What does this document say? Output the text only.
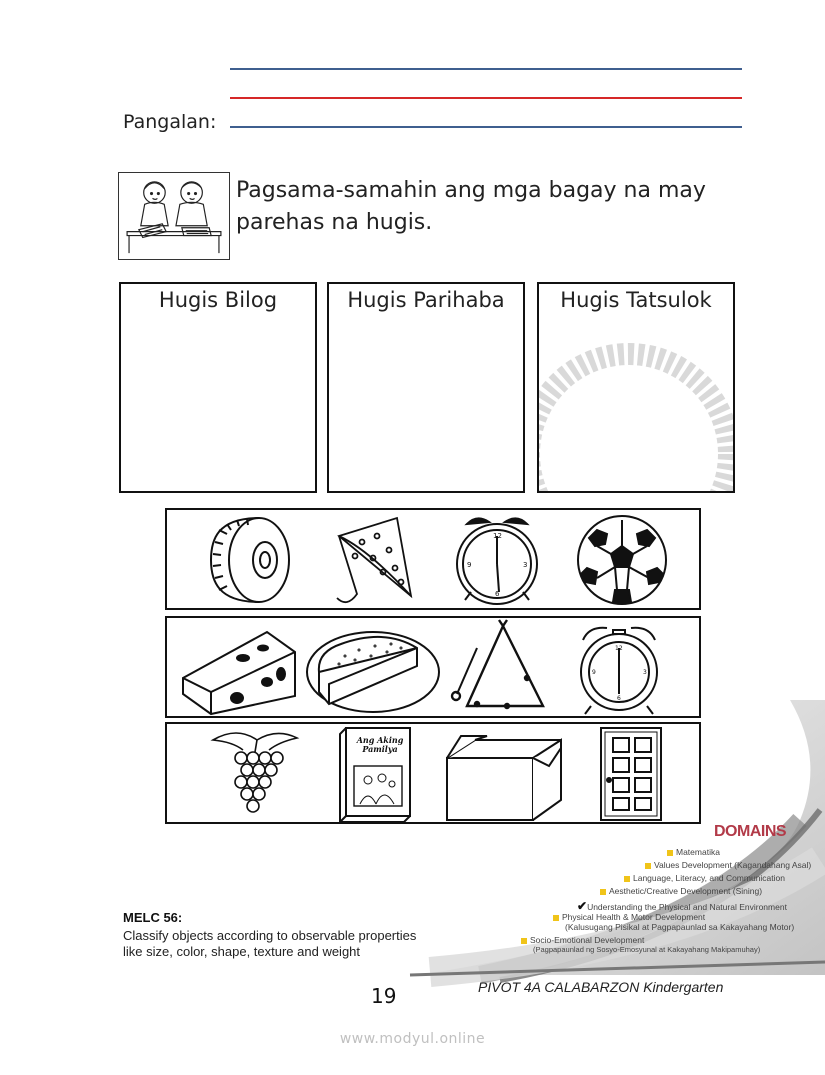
Pangalan:
Pagsama-samahin ang mga bagay na may
parehas na hugis.
Hugis Bilog	Hugis Parihaba	Hugis Tatsulok
12
3
6
9
12
3
6
9
Ang Aking Pamilya
DOMAINS
Matematika
Values Development (Kagandahang Asal)
Language, Literacy, and Communication
Aesthetic/Creative Development (Sining)
✔Understanding the Physical and Natural Environment
Physical Health & Motor Development
(Kalusugang Pisikal at Pagpapaunlad sa Kakayahang Motor)
Socio-Emotional Development
(Pagpapaunlad ng Sosyo-Emosyunal at Kakayahang Makipamuhay)
MELC 56:
Classify objects according to observable properties
like size, color, shape, texture and weight
19	PIVOT 4A CALABARZON Kindergarten
www.modyul.online
